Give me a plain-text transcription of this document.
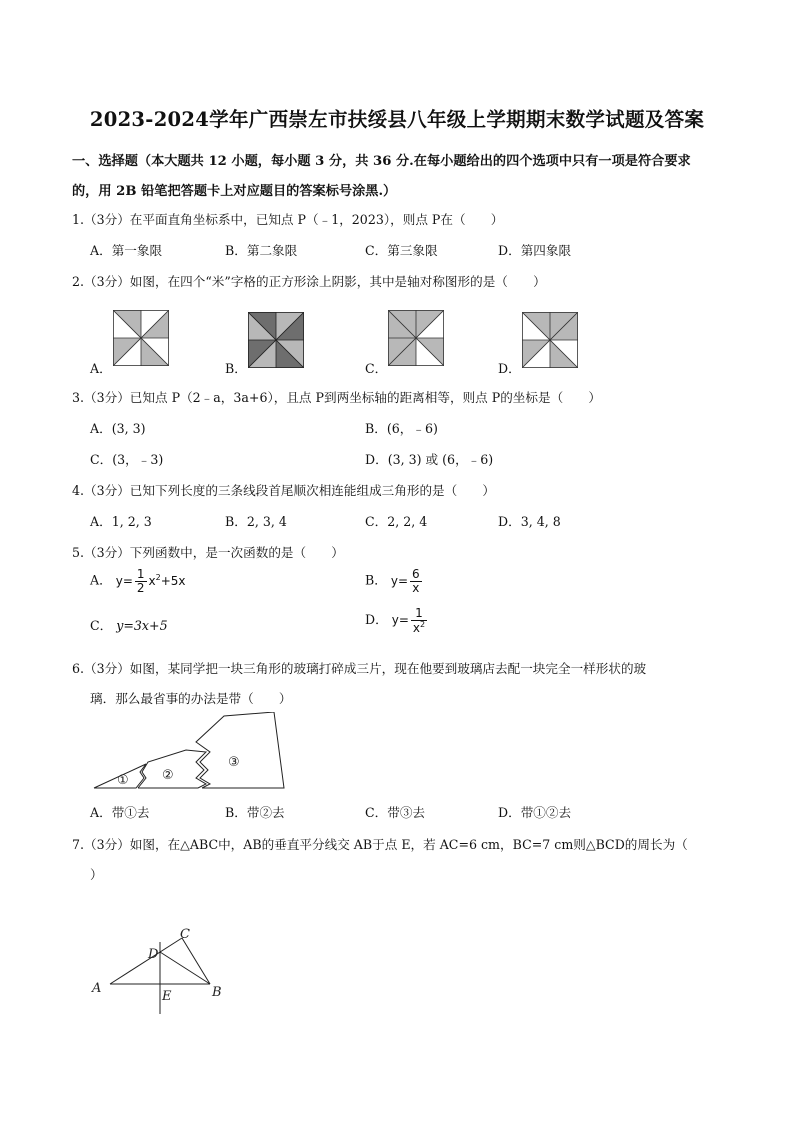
2023-2024学年广西崇左市扶绥县八年级上学期期末数学试题及答案
一、选择题（本大题共 12 小题，每小题 3 分，共 36 分.在每小题给出的四个选项中只有一项是符合要求
的，用 2B 铅笔把答题卡上对应题目的答案标号涂黑.）
1.（3分）在平面直角坐标系中，已知点 P（﹣1，2023），则点 P在（　　）
A．第一象限	B．第二象限	C．第三象限	D．第四象限
2.（3分）如图，在四个“米”字格的正方形涂上阴影，其中是轴对称图形的是（　　）
A．	B．	C．	D．
3.（3分）已知点 P（2﹣a，3a+6），且点 P到两坐标轴的距离相等，则点 P的坐标是（　　）
A．(3, 3)	B．(6，﹣6)
C．(3，﹣3)	D．(3, 3) 或 (6，﹣6)
4.（3分）已知下列长度的三条线段首尾顺次相连能组成三角形的是（　　）
A．1, 2, 3	B．2, 3, 4	C．2, 2, 4	D．3, 4, 8
5.（3分）下列函数中，是一次函数的是（　　）
A． $y= \frac{1}{2} x^2+5x$	B． $y= \frac{6}{x}$
C． y=3x+5	D． $y= \frac{1}{x^2}$
6.（3分）如图，某同学把一块三角形的玻璃打碎成三片，现在他要到玻璃店去配一块完全一样形状的玻
璃．那么最省事的办法是带（　　）
①	②
③
A．带①去	B．带②去	C．带③去	D．带①②去
7.（3分）如图，在△ABC中，AB的垂直平分线交 AB于点 E，若 AC=6 cm，BC=7 cm则△BCD的周长为（
）
A	B
C
D
E
